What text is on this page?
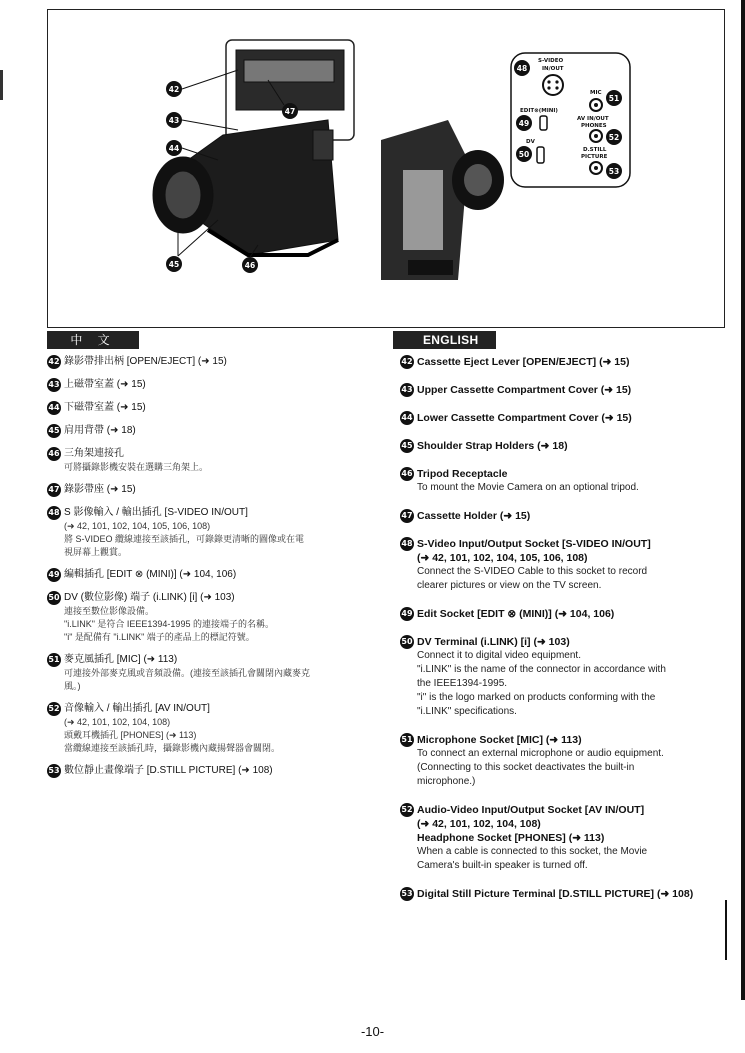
S-VIDEO
IN/OUT
EDIT⊗(MINI)
DV
MIC
AV IN/OUT
PHONES
D.STILL
PICTURE
42
43
44
45	46
47
48
49
50
51
52
53
中 文	ENGLISH
42 錄影帶排出柄 [OPEN/EJECT] (➜ 15)
43 上磁帶室蓋 (➜ 15)
44 下磁帶室蓋 (➜ 15)
45 肩用背帶 (➜ 18)
46 三角架連接孔
可將攝錄影機安裝在選購三角架上。
47 錄影帶座 (➜ 15)
48 S 影像輸入 / 輸出插孔 [S-VIDEO IN/OUT]
(➜ 42, 101, 102, 104, 105, 106, 108)
將 S-VIDEO 纜線連接至該插孔，可錄錄更清晰的圖像或在電
視屏幕上觀賞。
49 編輯插孔 [EDIT ⊗ (MINI)] (➜ 104, 106)
50 DV (數位影像) 端子 (i.LINK) [i] (➜ 103)
連接至數位影像設備。
"i.LINK" 是符合 IEEE1394-1995 的連接端子的名稱。
"i" 是配備有 "i.LINK" 端子的產品上的標記符號。
51 麥克風插孔 [MIC] (➜ 113)
可連接外部麥克風或音頻設備。(連接至該插孔會關閉內藏麥克
風。)
52 音像輸入 / 輸出插孔 [AV IN/OUT]
(➜ 42, 101, 102, 104, 108)
頭戴耳機插孔 [PHONES] (➜ 113)
當纜線連接至該插孔時，攝錄影機內藏揚聲器會關閉。
53 數位靜止畫像端子 [D.STILL PICTURE] (➜ 108)
42 Cassette Eject Lever [OPEN/EJECT] (➜ 15)
43 Upper Cassette Compartment Cover (➜ 15)
44 Lower Cassette Compartment Cover (➜ 15)
45 Shoulder Strap Holders (➜ 18)
46 Tripod Receptacle
To mount the Movie Camera on an optional tripod.
47 Cassette Holder (➜ 15)
48 S-Video Input/Output Socket [S-VIDEO IN/OUT]
(➜ 42, 101, 102, 104, 105, 106, 108)
Connect the S-VIDEO Cable to this socket to record
clearer pictures or view on the TV screen.
49 Edit Socket [EDIT ⊗ (MINI)] (➜ 104, 106)
50 DV Terminal (i.LINK) [i] (➜ 103)
Connect it to digital video equipment.
"i.LINK" is the name of the connector in accordance with
the IEEE1394-1995.
"i" is the logo marked on products conforming with the
"i.LINK" specifications.
51 Microphone Socket [MIC] (➜ 113)
To connect an external microphone or audio equipment.
(Connecting to this socket deactivates the built-in
microphone.)
52 Audio-Video Input/Output Socket [AV IN/OUT]
(➜ 42, 101, 102, 104, 108)
Headphone Socket [PHONES] (➜ 113)
When a cable is connected to this socket, the Movie
Camera's built-in speaker is turned off.
53 Digital Still Picture Terminal [D.STILL PICTURE] (➜ 108)
-10-
